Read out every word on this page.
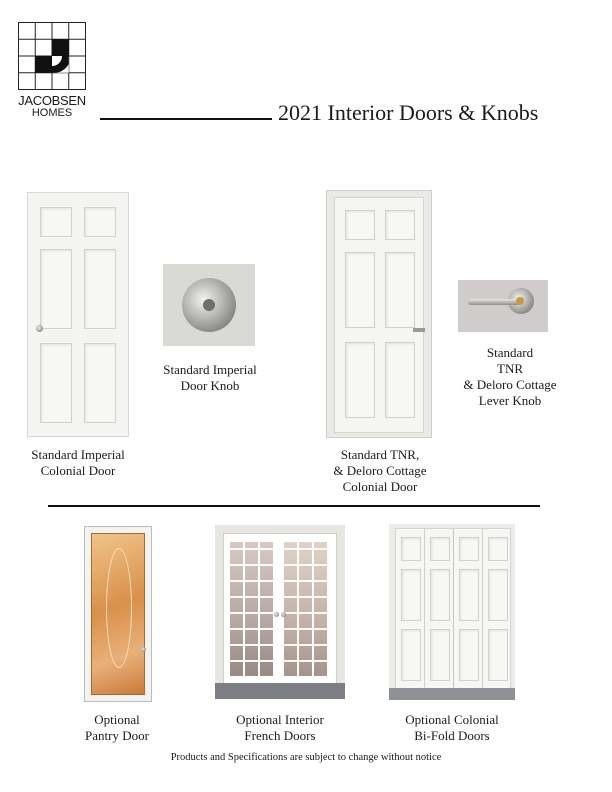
JACOBSEN
HOMES	2021 Interior Doors & Knobs
Standard Imperial
Colonial Door
Standard Imperial
Door Knob
Standard TNR,
& Deloro Cottage
Colonial Door
Standard
TNR
& Deloro Cottage
Lever Knob
Optional
Pantry Door
Optional Interior
French Doors
Optional Colonial
Bi-Fold Doors
Products and Specifications are subject to change without notice
